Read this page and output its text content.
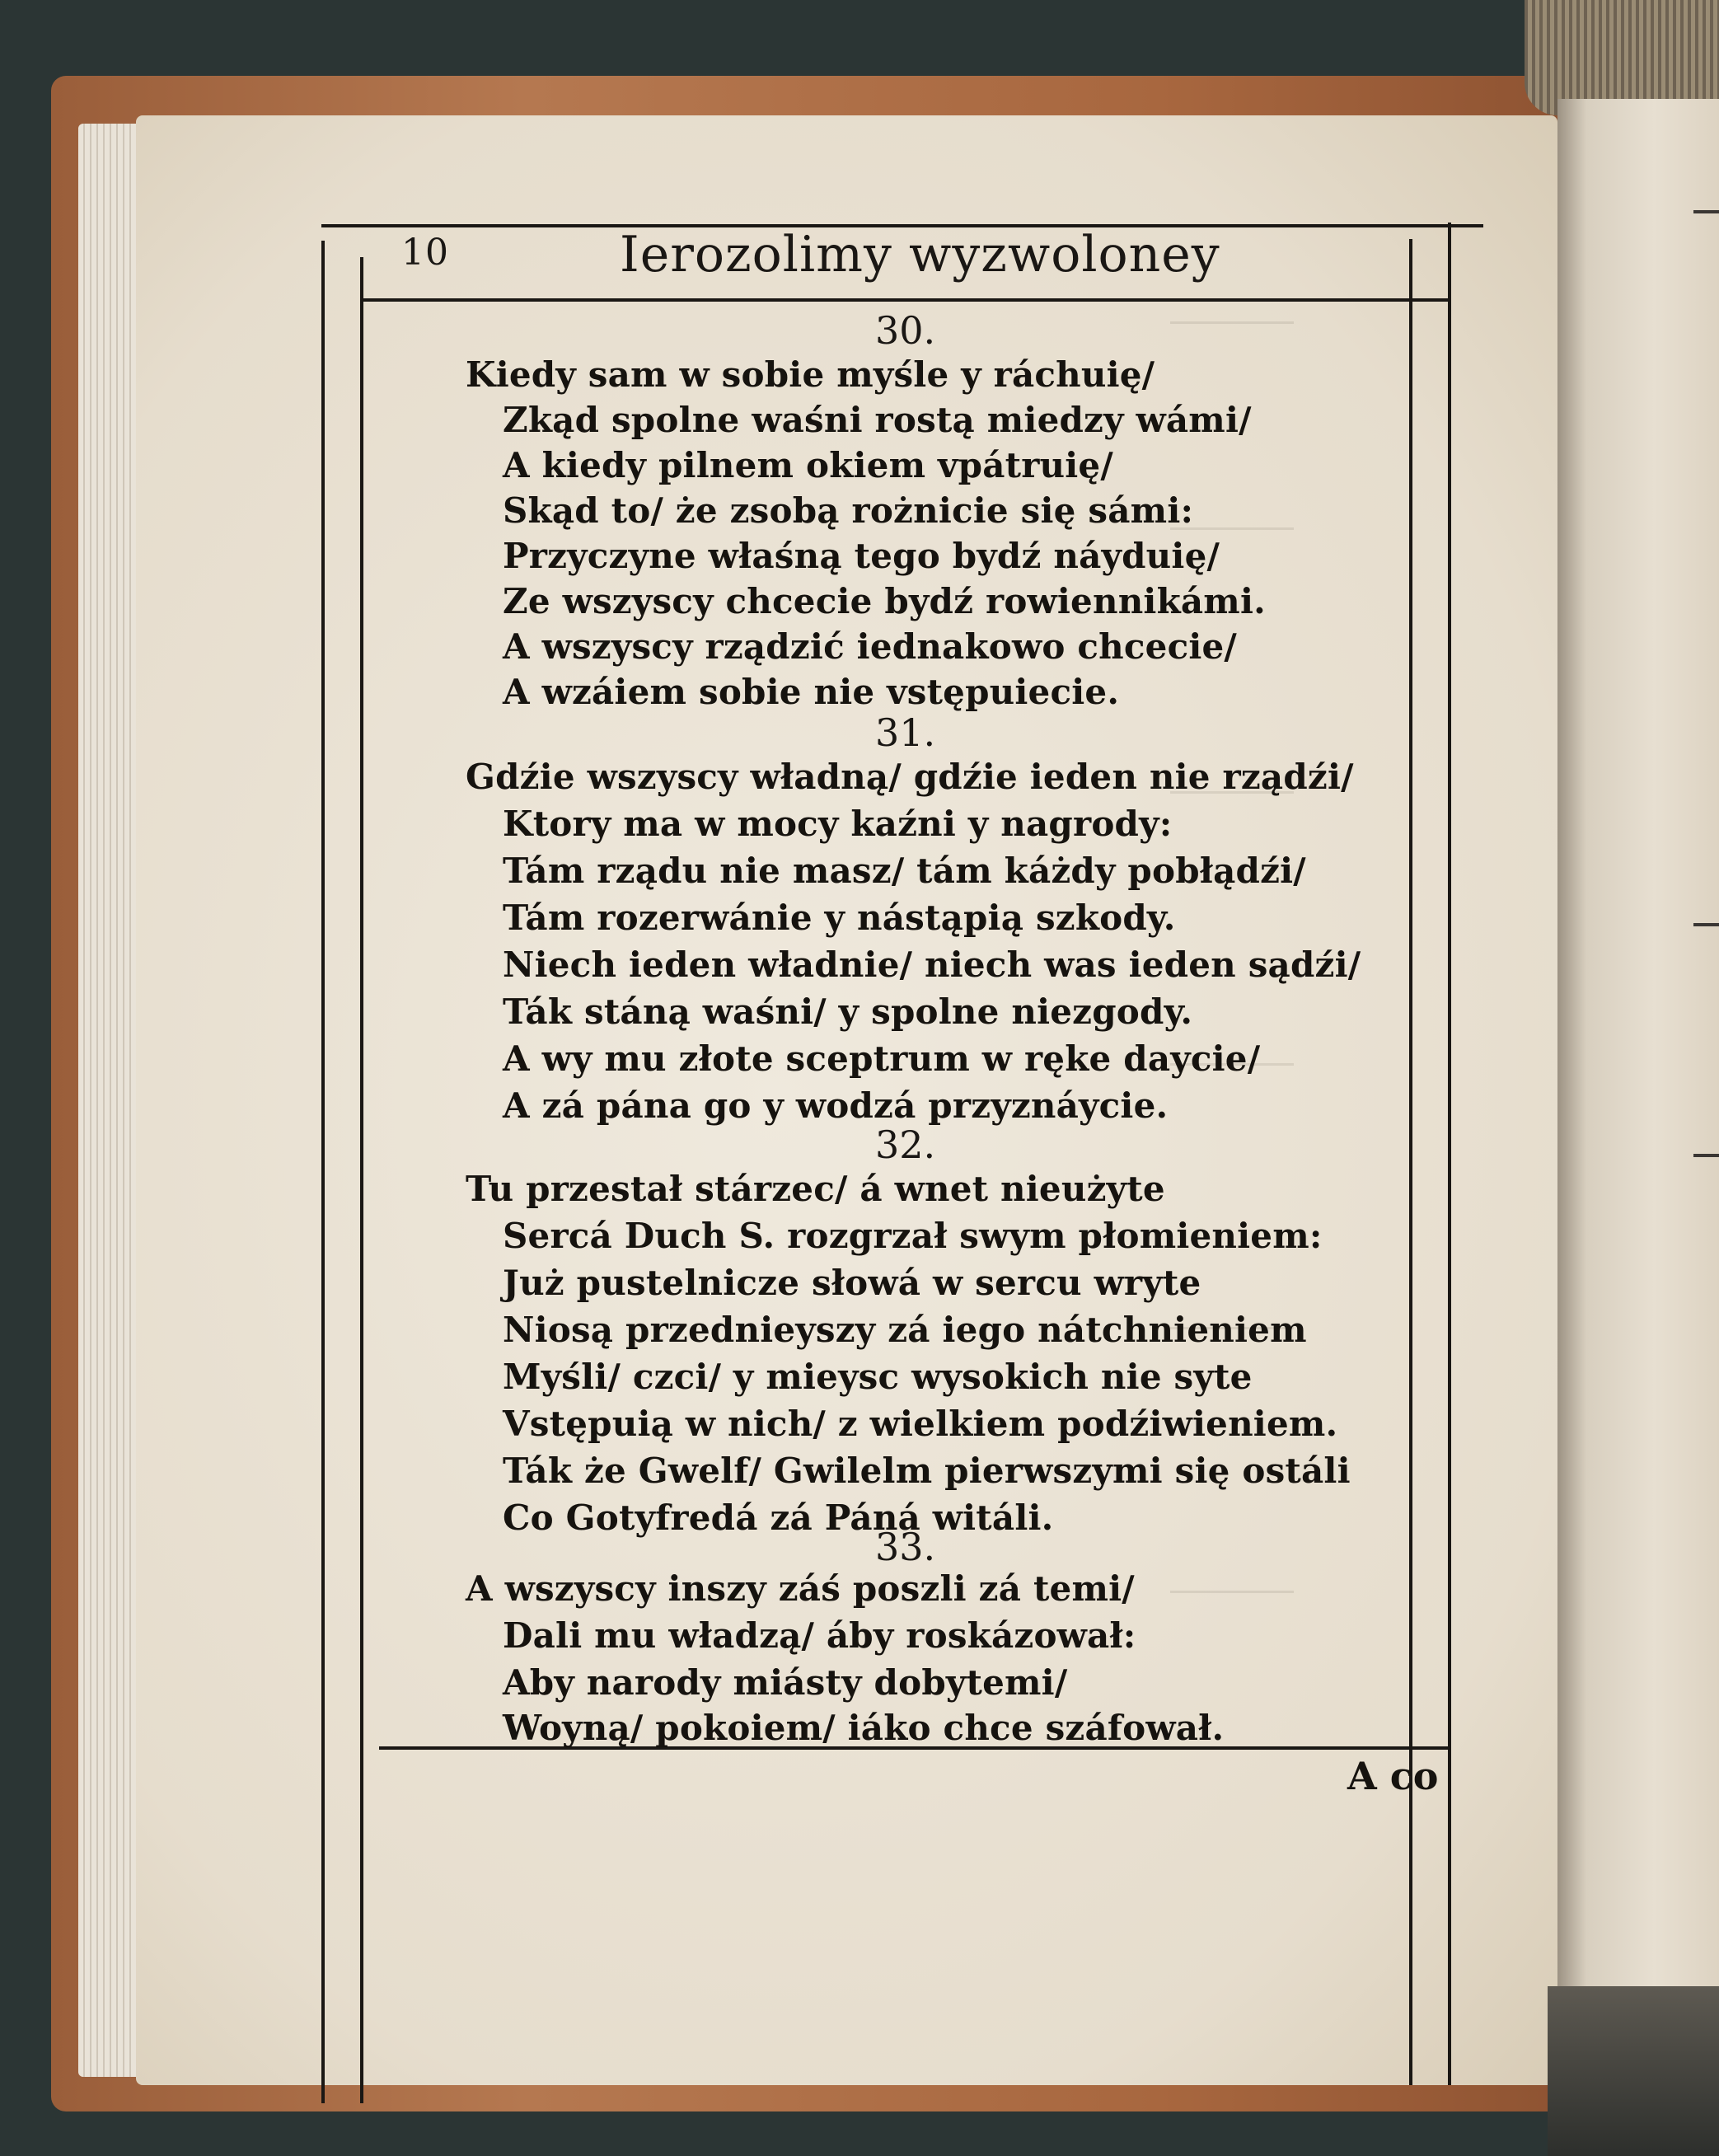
10	Ierozolimy wyzwoloney
30.
Kiedy sam w sobie myśle y ráchuię/
Zkąd spolne waśni rostą miedzy wámi/
A kiedy pilnem okiem vpátruię/
Skąd to/ że zsobą rożnicie się sámi:
Przyczyne właśną tego bydź náyduię/
Ze wszyscy chcecie bydź rowiennikámi.
A wszyscy rządzić iednakowo chcecie/
A wzáiem sobie nie vstępuiecie.
31.
Gdźie wszyscy władną/ gdźie ieden nie rządźi/
Ktory ma w mocy kaźni y nagrody:
Tám rządu nie masz/ tám káżdy pobłądźi/
Tám rozerwánie y nástąpią szkody.
Niech ieden władnie/ niech was ieden sądźi/
Ták stáną waśni/ y spolne niezgody.
A wy mu złote sceptrum w ręke daycie/
A zá pána go y wodzá przyznáycie.
32.
Tu przestał stárzec/ á wnet nieużyte
Sercá Duch S. rozgrzał swym płomieniem:
Już pustelnicze słowá w sercu wryte
Niosą przednieyszy zá iego nátchnieniem
Myśli/ czci/ y mieysc wysokich nie syte
Vstępuią w nich/ z wielkiem podźiwieniem.
Ták że Gwelf/ Gwilelm pierwszymi się ostáli
Co Gotyfredá zá Páná witáli.
33.
A wszyscy inszy záś poszli zá temi/
Dali mu władzą/ áby roskázował:
Aby narody miásty dobytemi/
Woyną/ pokoiem/ iáko chce száfował.
A co
